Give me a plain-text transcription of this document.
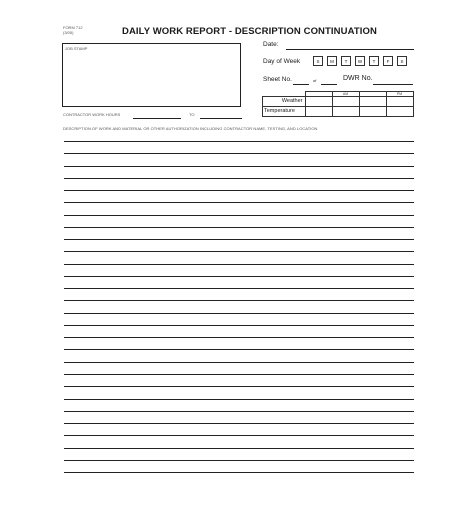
FORM 712
(3/05)	DAILY WORK REPORT - DESCRIPTION CONTINUATION
JOB STAMP
Date:
Day of Week	S	M	T	W	T	F	S
Sheet No.	of	DWR No.
		AM		PM
Weather				
Temperature				
CONTRACTOR WORK HOURS	TO
DESCRIPTION OF WORK AND MATERIAL OR OTHER AUTHORIZATION INCLUDING CONTRACTOR NAME, TESTING, AND LOCATION
